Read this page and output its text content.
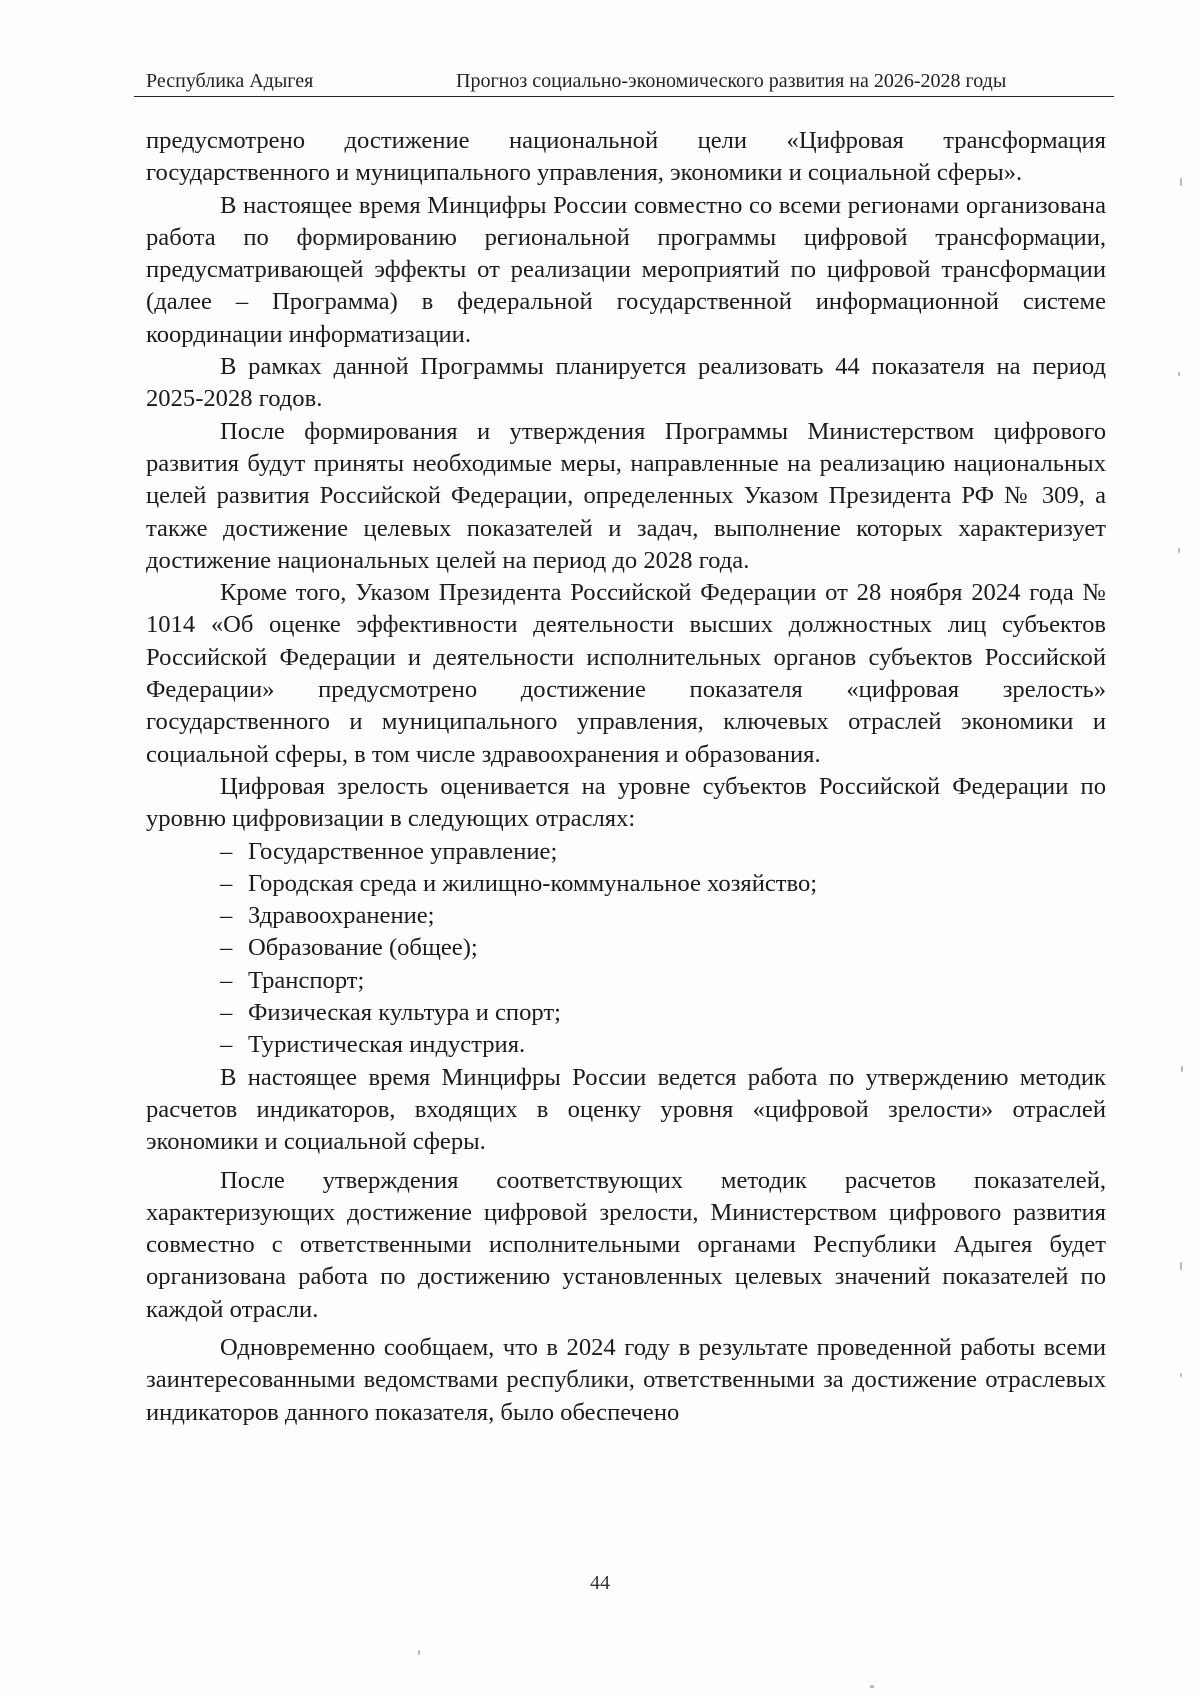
Республика Адыгея	Прогноз социально-экономического развития на 2026-2028 годы

предусмотрено достижение национальной цели «Цифровая трансформация государственного и муниципального управления, экономики и социальной сферы».

В настоящее время Минцифры России совместно со всеми регионами организована работа по формированию региональной программы цифровой трансформации, предусматривающей эффекты от реализации мероприятий по цифровой трансформации (далее – Программа) в федеральной государственной информационной системе координации информатизации.

В рамках данной Программы планируется реализовать 44 показателя на период 2025-2028 годов.

После формирования и утверждения Программы Министерством цифрового развития будут приняты необходимые меры, направленные на реализацию национальных целей развития Российской Федерации, определенных Указом Президента РФ № 309, а также достижение целевых показателей и задач, выполнение которых характеризует достижение национальных целей на период до 2028 года.

Кроме того, Указом Президента Российской Федерации от 28 ноября 2024 года № 1014 «Об оценке эффективности деятельности высших должностных лиц субъектов Российской Федерации и деятельности исполнительных органов субъектов Российской Федерации» предусмотрено достижение показателя «цифровая зрелость» государственного и муниципального управления, ключевых отраслей экономики и социальной сферы, в том числе здравоохранения и образования.

Цифровая зрелость оценивается на уровне субъектов Российской Федерации по уровню цифровизации в следующих отраслях:

– Государственное управление;
– Городская среда и жилищно-коммунальное хозяйство;
– Здравоохранение;
– Образование (общее);
– Транспорт;
– Физическая культура и спорт;
– Туристическая индустрия.

В настоящее время Минцифры России ведется работа по утверждению методик расчетов индикаторов, входящих в оценку уровня «цифровой зрелости» отраслей экономики и социальной сферы.

После утверждения соответствующих методик расчетов показателей, характеризующих достижение цифровой зрелости, Министерством цифрового развития совместно с ответственными исполнительными органами Республики Адыгея будет организована работа по достижению установленных целевых значений показателей по каждой отрасли.

Одновременно сообщаем, что в 2024 году в результате проведенной работы всеми заинтересованными ведомствами республики, ответственными за достижение отраслевых индикаторов данного показателя, было обеспечено

44
